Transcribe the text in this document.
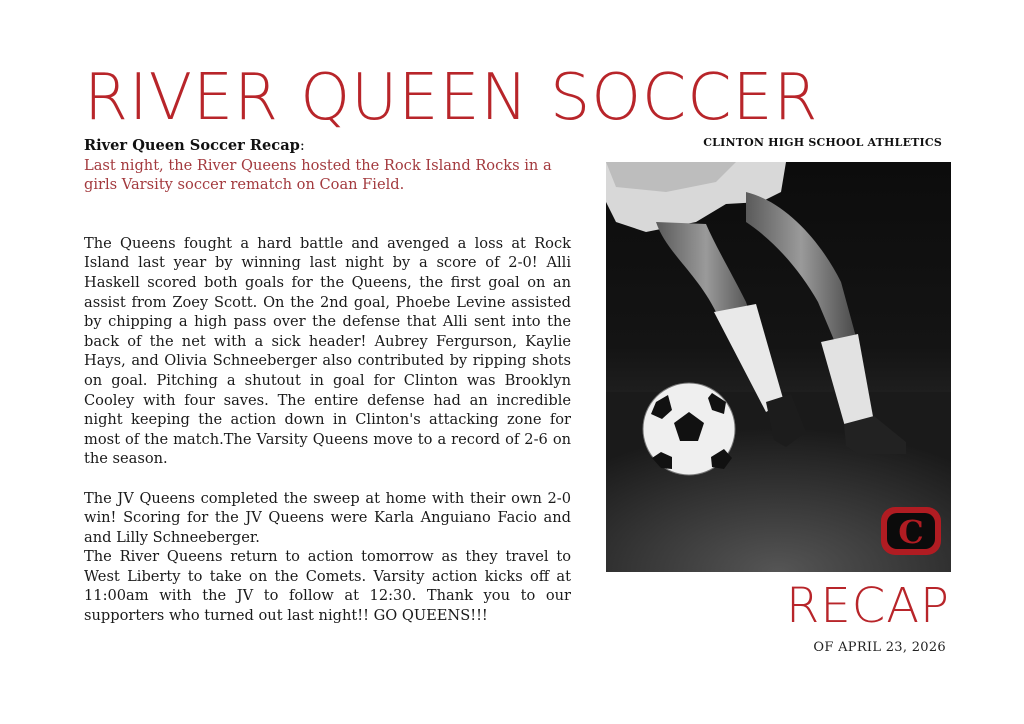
RIVER QUEEN SOCCER
CLINTON HIGH SCHOOL ATHLETICS
River Queen Soccer Recap:
Last night, the River Queens hosted the Rock Island Rocks in a girls Varsity soccer rematch on Coan Field.

The Queens fought a hard battle and avenged a loss at Rock Island last year by winning last night by a score of 2-0! Alli Haskell scored both goals for the Queens, the first goal on an assist from Zoey Scott. On the 2nd goal, Phoebe Levine assisted by chipping a high pass over the defense that Alli sent into the back of the net with a sick header! Aubrey Fergurson, Kaylie Hays, and Olivia Schneeberger also contributed by ripping shots on goal. Pitching a shutout in goal for Clinton was Brooklyn Cooley with four saves. The entire defense had an incredible night keeping the action down in Clinton's attacking zone for most of the match.The Varsity Queens move to a record of 2-6 on the season.

The JV Queens completed the sweep at home with their own 2-0 win! Scoring for the JV Queens were Karla Anguiano Facio and and Lilly Schneeberger.

The River Queens return to action tomorrow as they travel to West Liberty to take on the Comets. Varsity action kicks off at 11:00am with the JV to follow at 12:30. Thank you to our supporters who turned out last night!! GO QUEENS!!!

C
RECAP
OF APRIL 23, 2026
